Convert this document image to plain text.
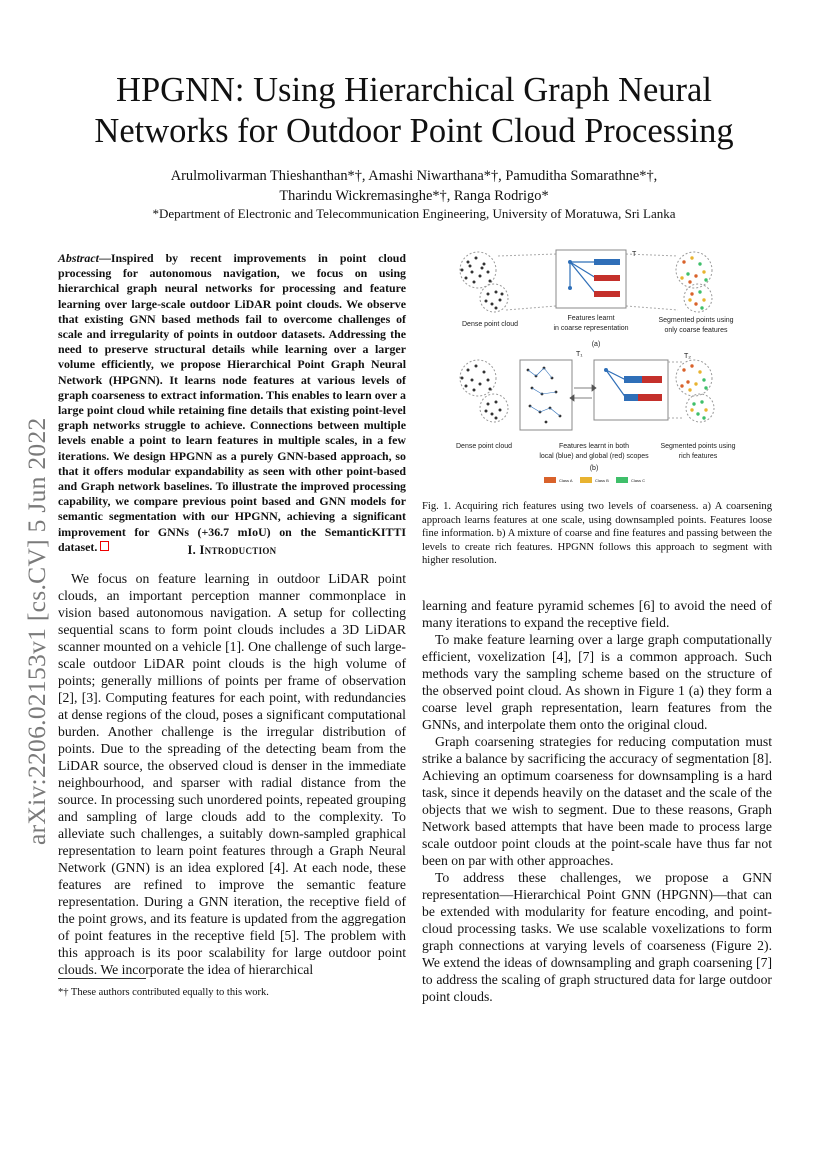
HPGNN: Using Hierarchical Graph Neural
Networks for Outdoor Point Cloud Processing

Arulmolivarman Thieshanthan*†, Amashi Niwarthana*†, Pamuditha Somarathne*†,

Tharindu Wickremasinghe*†, Ranga Rodrigo*

*Department of Electronic and Telecommunication Engineering, University of Moratuwa, Sri Lanka
arXiv:2206.02153v1 [cs.CV] 5 Jun 2022

Abstract—Inspired by recent improvements in point cloud processing for autonomous navigation, we focus on using hierarchical graph neural networks for processing and feature learning over large-scale outdoor LiDAR point clouds. We observe that existing GNN based methods fail to overcome challenges of scale and irregularity of points in outdoor datasets. Addressing the need to preserve structural details while learning over a larger volume efficiently, we propose Hierarchical Point Graph Neural Network (HPGNN). It learns node features at various levels of graph coarseness to extract information. This enables to learn over a large point cloud while retaining fine details that existing point-level graph networks struggle to achieve. Connections between multiple levels enable a point to learn features in multiple scales, in a few iterations. We design HPGNN as a purely GNN-based approach, so that it offers modular expandability as seen with other point-based and Graph network baselines. To illustrate the improved processing capability, we compare previous point based and GNN models for semantic segmentation with our HPGNN, achieving a significant improvement for GNNs (+36.7 mIoU) on the SemanticKITTI dataset.	I. Introduction

We focus on feature learning in outdoor LiDAR point clouds, an important perception manner commonplace in vision based autonomous navigation. A setup for collecting sequential scans to form point clouds includes a 3D LiDAR scanner mounted on a vehicle [1]. One challenge of such large-scale outdoor LiDAR point clouds is the high volume of points; generally millions of points per frame of observation [2], [3]. Computing features for each point, with redundancies at dense regions of the cloud, poses a significant computational burden. Another challenge is the irregular distribution of points. Due to the spreading of the detecting beam from the LiDAR source, the observed cloud is denser in the immediate neighbourhood, and sparser with radial distance from the source. In processing such unordered points, repeated grouping and sampling of large clouds add to the complexity. To alleviate such challenges, a suitably down-sampled graphical representation to learn point features through a Graph Neural Network (GNN) is an idea explored [4]. At each node, these features are refined to improve the semantic feature representation. During a GNN iteration, the receptive field of the point grows, and its feature is updated from the aggregation of point features in the receptive field [5]. The problem with this approach is its poor scalability for large outdoor point clouds. We incorporate the idea of hierarchical

*† These authors contributed equally to this work.
T
Dense point cloud
Features learnt
in coarse representation
Segmented points using
only coarse features
(a)
T₁	T₂
Dense point cloud	Features learnt in both
local (blue) and global (red) scopes
Segmented points using
rich features
(b)
Class A	Class B	Class C

Fig. 1. Acquiring rich features using two levels of coarseness. a) A coarsening approach learns features at one scale, using downsampled points. Features loose fine information. b) A mixture of coarse and fine features and passing between the levels to create rich features. HPGNN follows this approach to segment with higher resolution.

learning and feature pyramid schemes [6] to avoid the need of many iterations to expand the receptive field.

To make feature learning over a large graph computationally efficient, voxelization [4], [7] is a common approach. Such methods vary the sampling scheme based on the structure of the observed point cloud. As shown in Figure 1 (a) they form a coarse level graph representation, learn features from the GNNs, and interpolate them onto the original cloud.

Graph coarsening strategies for reducing computation must strike a balance by sacrificing the accuracy of segmentation [8]. Achieving an optimum coarseness for downsampling is a hard task, since it depends heavily on the dataset and the scale of the objects that we wish to segment. Due to these reasons, Graph Network based attempts that have been made to process large scale outdoor point clouds at the point-scale have thus far not been on par with other approaches.

To address these challenges, we propose a GNN representation—Hierarchical Point GNN (HPGNN)—that can be extended with modularity for feature encoding, and point-cloud processing tasks. We use scalable voxelizations to form graph connections at varying levels of coarseness (Figure 2). We extend the ideas of downsampling and graph coarsening [7] to address the scaling of graph structured data for large outdoor point clouds.
